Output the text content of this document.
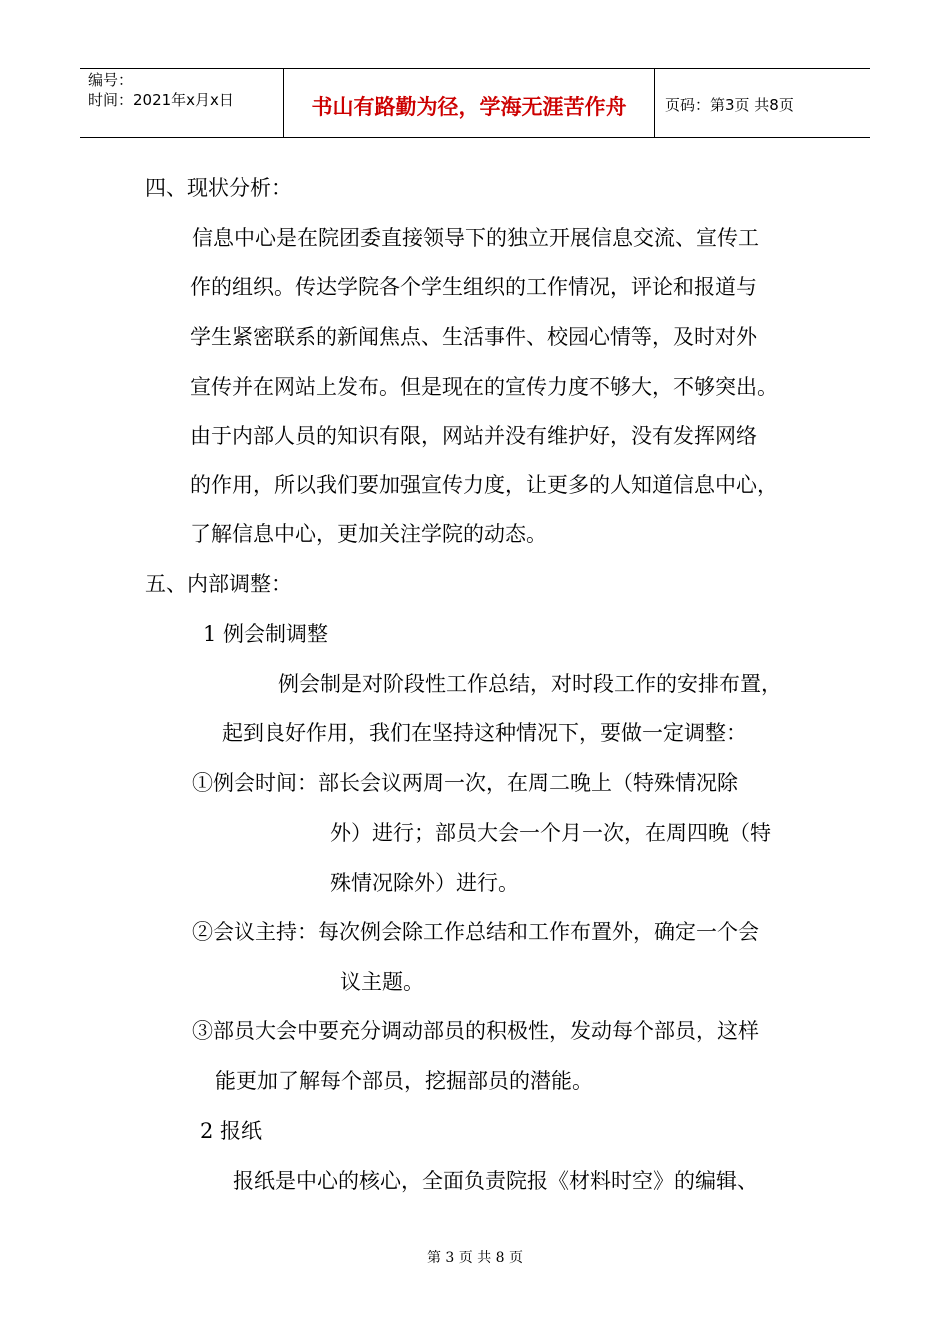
编号：
时间：2021年x月x日	书山有路勤为径，学海无涯苦作舟	页码：第3页 共8页
四、现状分析：
信息中心是在院团委直接领导下的独立开展信息交流、宣传工
作的组织。传达学院各个学生组织的工作情况，评论和报道与
学生紧密联系的新闻焦点、生活事件、校园心情等，及时对外
宣传并在网站上发布。但是现在的宣传力度不够大，不够突出。
由于内部人员的知识有限，网站并没有维护好，没有发挥网络
的作用，所以我们要加强宣传力度，让更多的人知道信息中心，
了解信息中心，更加关注学院的动态。
五、内部调整：
1 例会制调整
例会制是对阶段性工作总结，对时段工作的安排布置，
起到良好作用，我们在坚持这种情况下，要做一定调整：
①例会时间：部长会议两周一次，在周二晚上（特殊情况除
外）进行；部员大会一个月一次，在周四晚（特
殊情况除外）进行。
②会议主持：每次例会除工作总结和工作布置外，确定一个会
议主题。
③部员大会中要充分调动部员的积极性，发动每个部员，这样
能更加了解每个部员，挖掘部员的潜能。
2 报纸
报纸是中心的核心，全面负责院报《材料时空》的编辑、
第 3 页 共 8 页
